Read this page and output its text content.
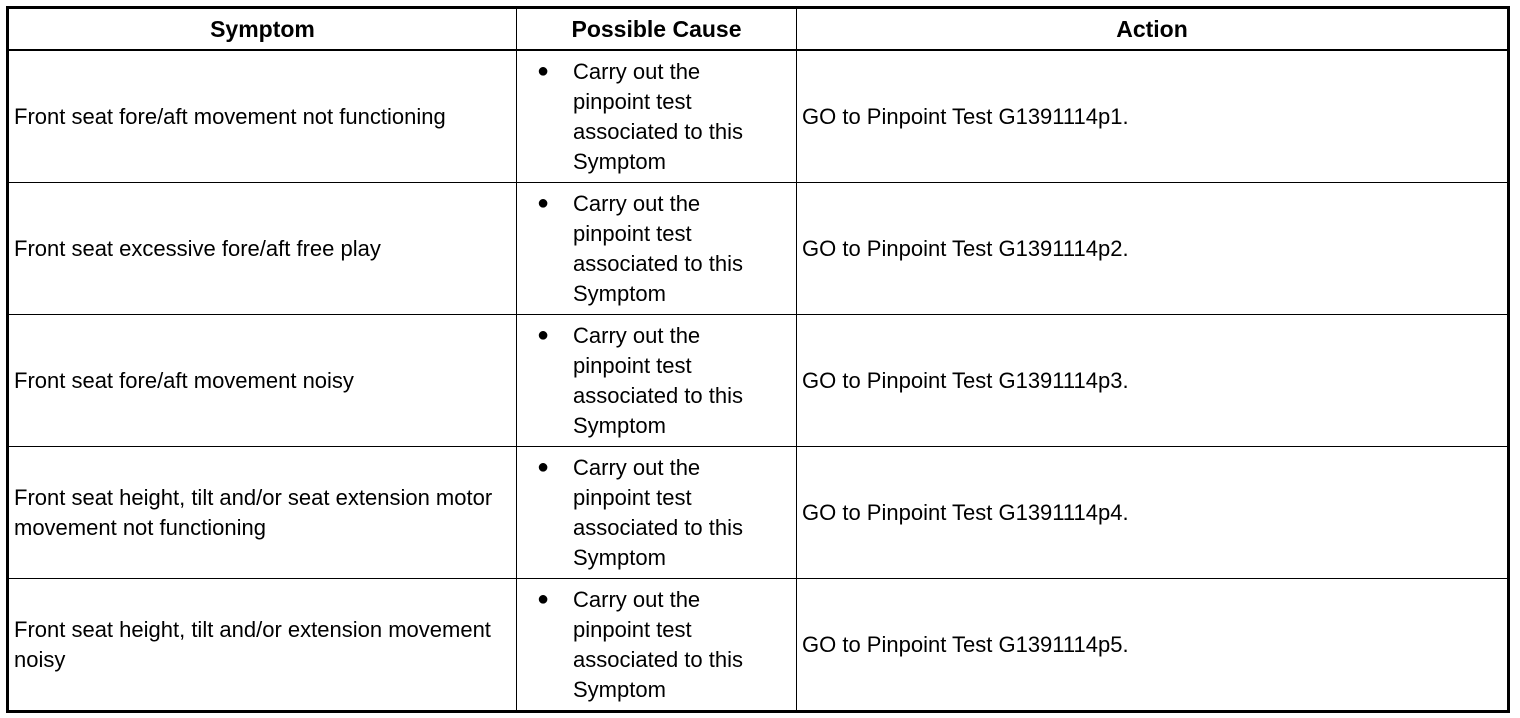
Symptom	Possible Cause	Action
Front seat fore/aft movement not functioning	● Carry out the pinpoint test associated to this Symptom	GO to Pinpoint Test G1391114p1.
Front seat excessive fore/aft free play	● Carry out the pinpoint test associated to this Symptom	GO to Pinpoint Test G1391114p2.
Front seat fore/aft movement noisy	● Carry out the pinpoint test associated to this Symptom	GO to Pinpoint Test G1391114p3.
Front seat height, tilt and/or seat extension motor movement not functioning	● Carry out the pinpoint test associated to this Symptom	GO to Pinpoint Test G1391114p4.
Front seat height, tilt and/or extension movement noisy	● Carry out the pinpoint test associated to this Symptom	GO to Pinpoint Test G1391114p5.
